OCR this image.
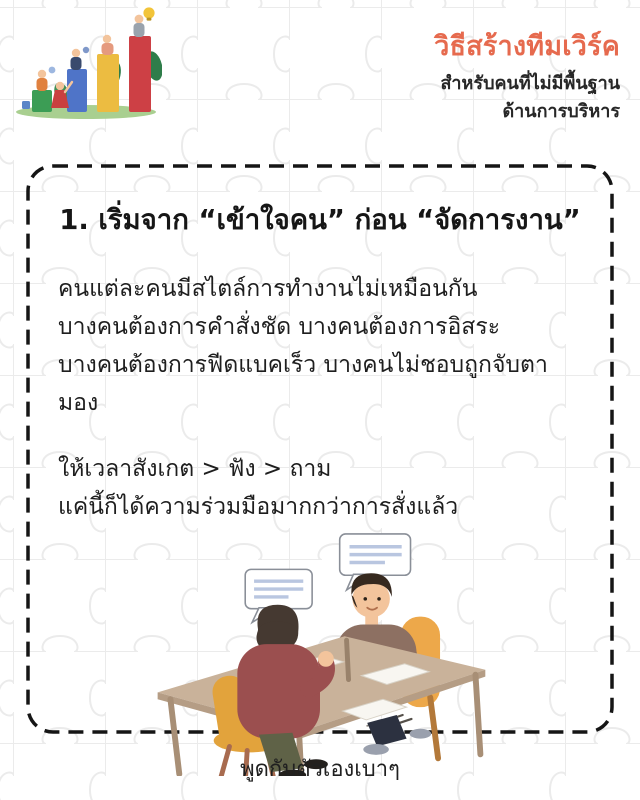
วิธีสร้างทีมเวิร์ค
สำหรับคนที่ไม่มีพื้นฐาน
ด้านการบริหาร
1. เริ่มจาก “เข้าใจคน” ก่อน “จัดการงาน”
คนแต่ละคนมีสไตล์การทำงานไม่เหมือนกัน
บางคนต้องการคำสั่งชัด บางคนต้องการอิสระ
บางคนต้องการฟีดแบคเร็ว บางคนไม่ชอบถูกจับตามอง
ให้เวลาสังเกต > ฟัง > ถาม
แค่นี้ก็ได้ความร่วมมือมากกว่าการสั่งแล้ว
พูดกับตัวเองเบาๆ
